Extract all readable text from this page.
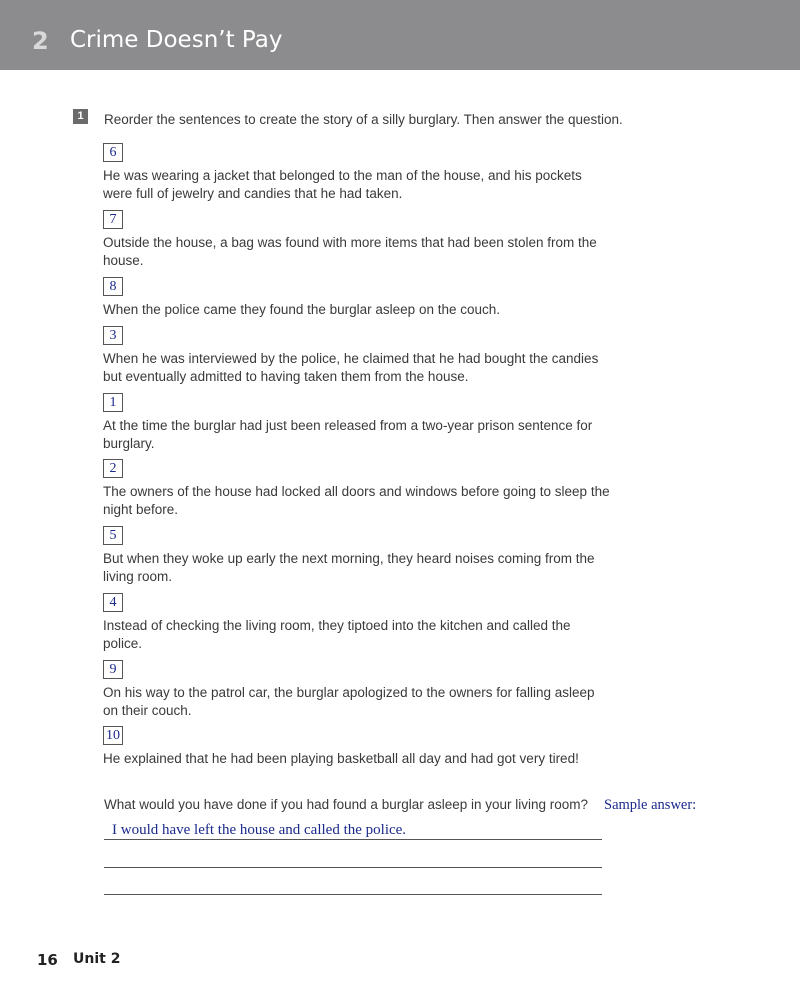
2 Crime Doesn’t Pay
1	Reorder the sentences to create the story of a silly burglary. Then answer the question.
6
He was wearing a jacket that belonged to the man of the house, and his pockets were full of jewelry and candies that he had taken.
7
Outside the house, a bag was found with more items that had been stolen from the house.
8
When the police came they found the burglar asleep on the couch.
3
When he was interviewed by the police, he claimed that he had bought the candies but eventually admitted to having taken them from the house.
1
At the time the burglar had just been released from a two-year prison sentence for burglary.
2
The owners of the house had locked all doors and windows before going to sleep the night before.
5
But when they woke up early the next morning, they heard noises coming from the living room.
4
Instead of checking the living room, they tiptoed into the kitchen and called the police.
9
On his way to the patrol car, the burglar apologized to the owners for falling asleep on their couch.
10
He explained that he had been playing basketball all day and had got very tired!
What would you have done if you had found a burglar asleep in your living room? Sample answer:
I would have left the house and called the police.
16 Unit 2
